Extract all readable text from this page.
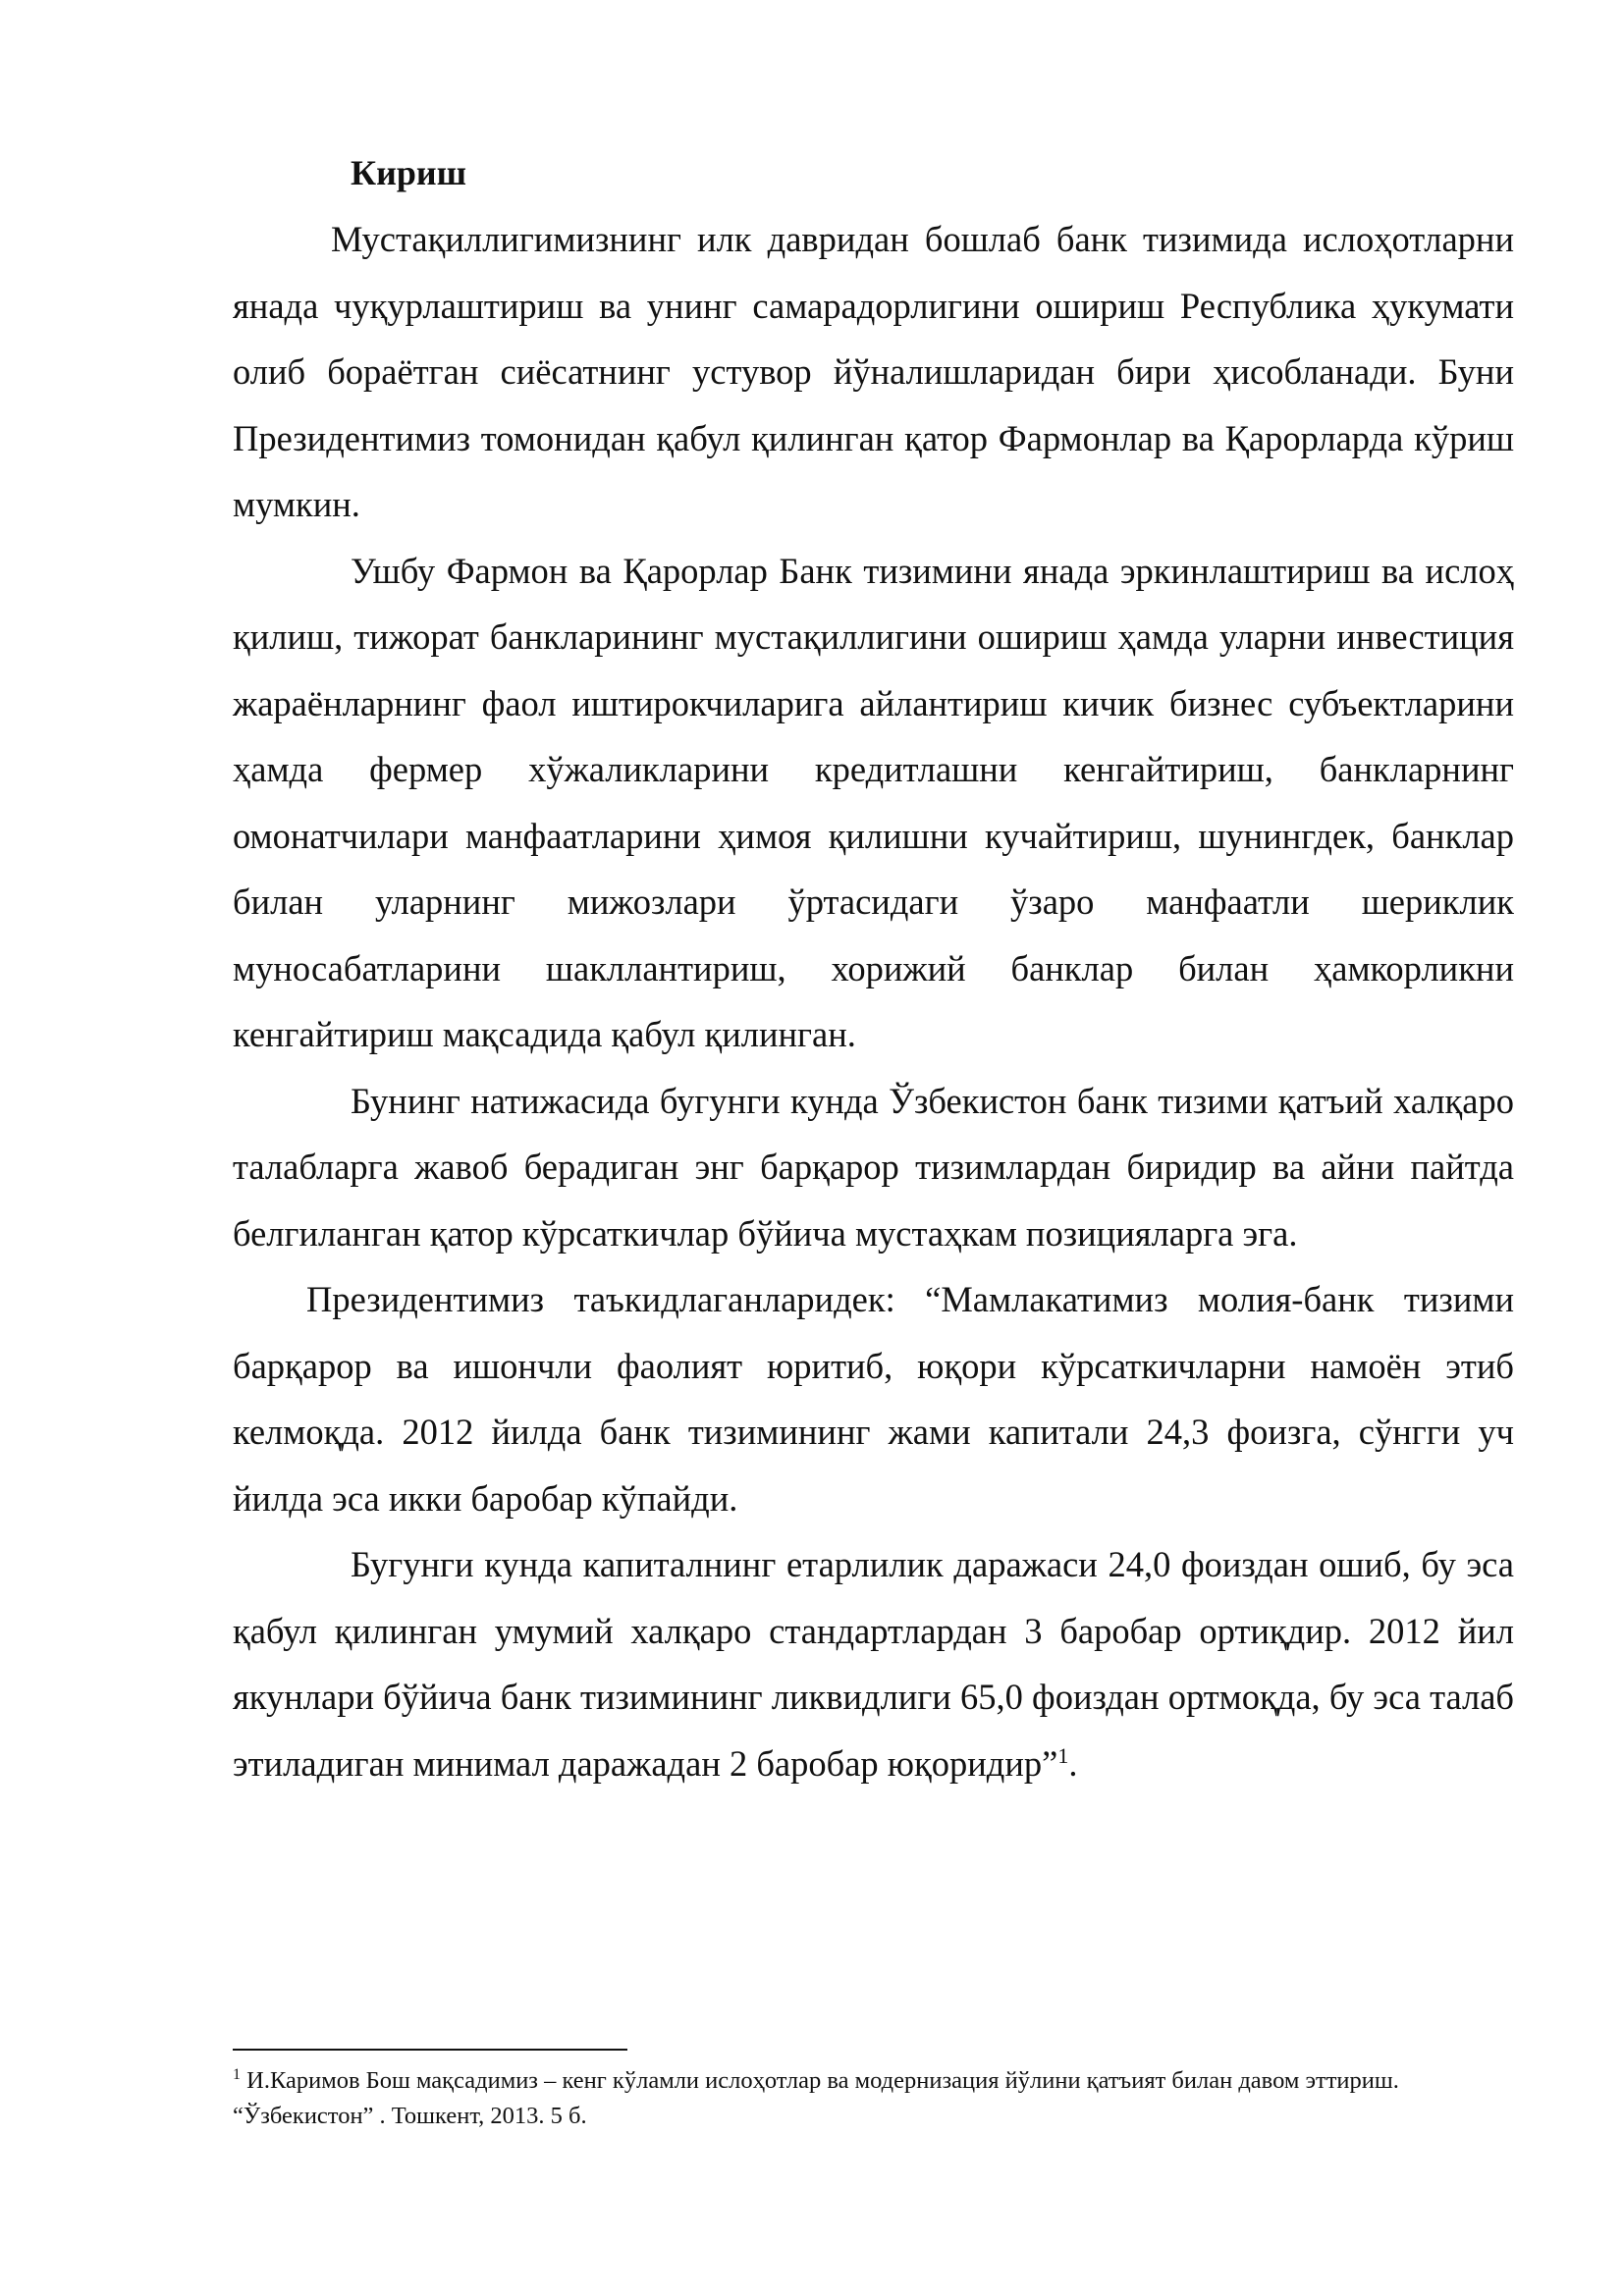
Кириш

Мустақиллигимизнинг илк давридан бошлаб банк тизимида ислоҳотларни янада чуқурлаштириш ва унинг самарадорлигини ошириш Республика ҳукумати олиб бораётган сиёсатнинг устувор йўналишларидан бири ҳисобланади. Буни Президентимиз томонидан қабул қилинган қатор Фармонлар ва Қарорларда кўриш мумкин.

Ушбу Фармон ва Қарорлар Банк тизимини янада эркинлаштириш ва ислоҳ қилиш, тижорат банкларининг мустақиллигини ошириш ҳамда уларни инвестиция жараёнларнинг фаол иштирокчиларига айлантириш кичик бизнес субъектларини ҳамда фермер хўжаликларини кредитлашни кенгайтириш, банкларнинг омонатчилари манфаатларини ҳимоя қилишни кучайтириш, шунингдек, банклар билан уларнинг мижозлари ўртасидаги ўзаро манфаатли шериклик муносабатларини шакллантириш, хорижий банклар билан ҳамкорликни кенгайтириш мақсадида қабул қилинган.

Бунинг натижасида бугунги кунда Ўзбекистон банк тизими қатъий халқаро талабларга жавоб берадиган энг барқарор тизимлардан биридир ва айни пайтда белгиланган қатор кўрсаткичлар бўйича мустаҳкам позицияларга эга.

Президентимиз таъкидлаганларидек: “Мамлакатимиз молия-банк тизими барқарор ва ишончли фаолият юритиб, юқори кўрсаткичларни намоён этиб келмоқда. 2012 йилда банк тизимининг жами капитали 24,3 фоизга, сўнгги уч йилда эса икки баробар кўпайди.

Бугунги кунда капиталнинг етарлилик даражаси 24,0 фоиздан ошиб, бу эса қабул қилинган умумий халқаро стандартлардан 3 баробар ортиқдир. 2012 йил якунлари бўйича банк тизимининг ликвидлиги 65,0 фоиздан ортмоқда, бу эса талаб этиладиган минимал даражадан 2 баробар юқоридир”$^1$.

$^1$ И.Каримов Бош мақсадимиз – кенг кўламли ислоҳотлар ва модернизация йўлини қатъият билан давом эттириш. “Ўзбекистон” . Тошкент, 2013. 5 б.
